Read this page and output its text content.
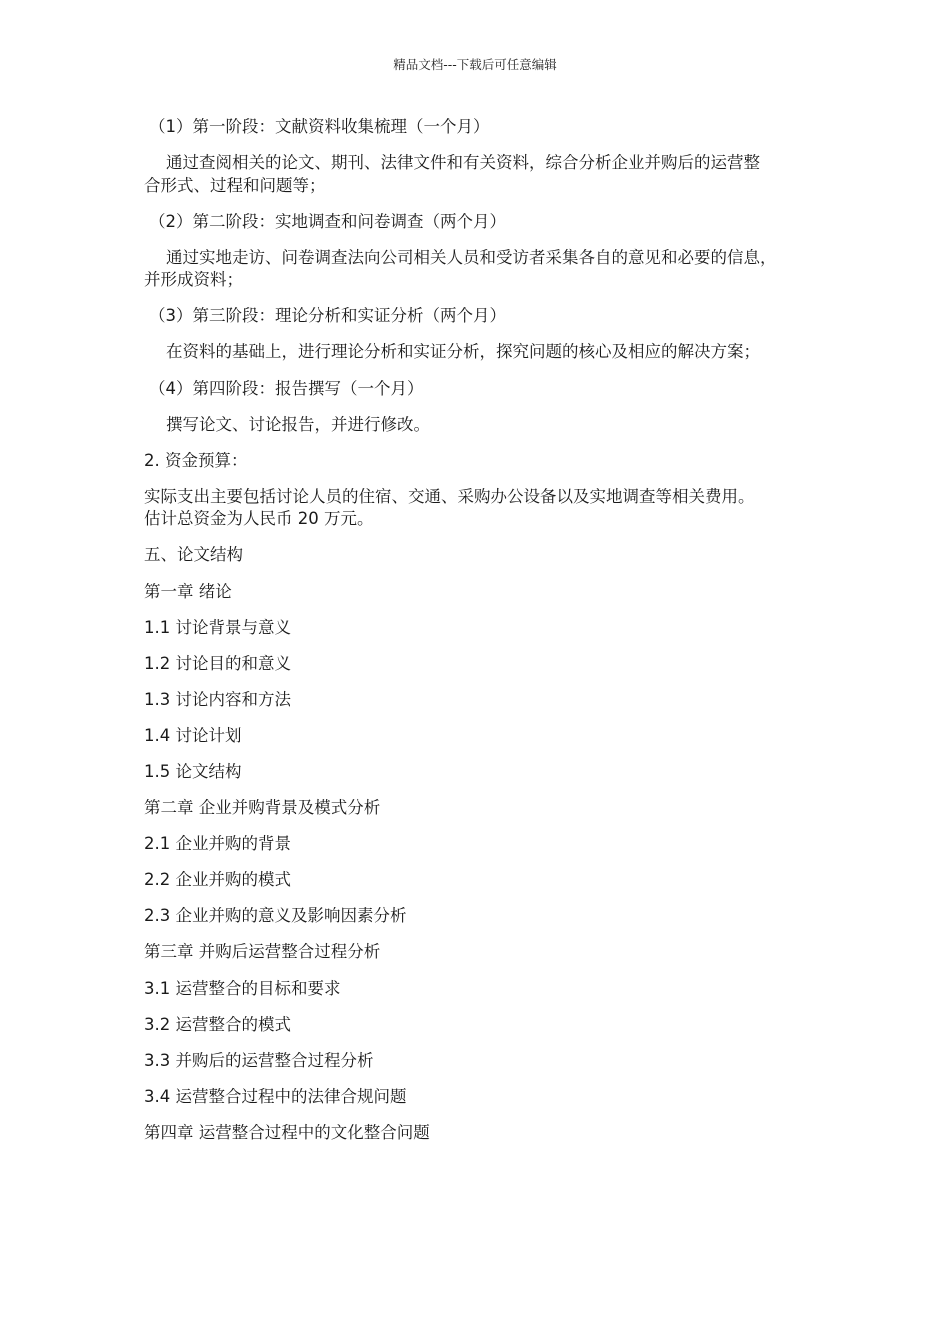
精品文档---下载后可任意编辑

（1）第一阶段：文献资料收集梳理（一个月）

通过查阅相关的论文、期刊、法律文件和有关资料，综合分析企业并购后的运营整
合形式、过程和问题等；

（2）第二阶段：实地调查和问卷调查（两个月）

通过实地走访、问卷调查法向公司相关人员和受访者采集各自的意见和必要的信息，
并形成资料；

（3）第三阶段：理论分析和实证分析（两个月）

在资料的基础上，进行理论分析和实证分析，探究问题的核心及相应的解决方案；

（4）第四阶段：报告撰写（一个月）

撰写论文、讨论报告，并进行修改。

2. 资金预算：

实际支出主要包括讨论人员的住宿、交通、采购办公设备以及实地调查等相关费用。
估计总资金为人民币 20 万元。

五、论文结构

第一章 绪论

1.1 讨论背景与意义

1.2 讨论目的和意义

1.3 讨论内容和方法

1.4 讨论计划

1.5 论文结构

第二章 企业并购背景及模式分析

2.1 企业并购的背景

2.2 企业并购的模式

2.3 企业并购的意义及影响因素分析

第三章 并购后运营整合过程分析

3.1 运营整合的目标和要求

3.2 运营整合的模式

3.3 并购后的运营整合过程分析

3.4 运营整合过程中的法律合规问题

第四章 运营整合过程中的文化整合问题
